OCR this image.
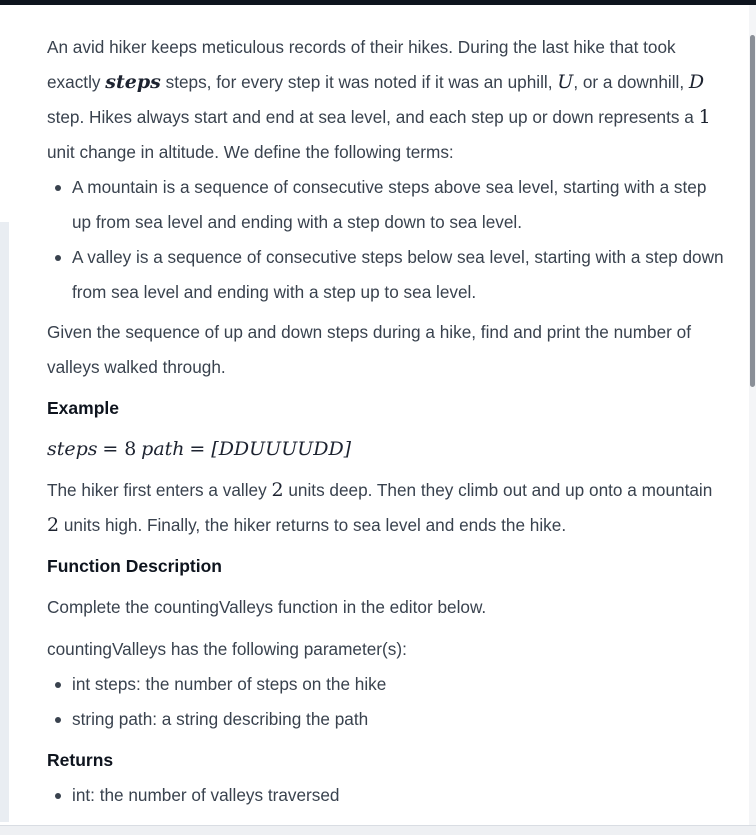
An avid hiker keeps meticulous records of their hikes. During the last hike that took exactly steps steps, for every step it was noted if it was an uphill, U, or a downhill, D step. Hikes always start and end at sea level, and each step up or down represents a 1 unit change in altitude. We define the following terms:

A mountain is a sequence of consecutive steps above sea level, starting with a step up from sea level and ending with a step down to sea level.
A valley is a sequence of consecutive steps below sea level, starting with a step down from sea level and ending with a step up to sea level.

Given the sequence of up and down steps during a hike, find and print the number of valleys walked through.

Example

steps = 8 path = [DDUUUUDD]

The hiker first enters a valley 2 units deep. Then they climb out and up onto a mountain 2 units high. Finally, the hiker returns to sea level and ends the hike.

Function Description

Complete the countingValleys function in the editor below.

countingValleys has the following parameter(s):

int steps: the number of steps on the hike
string path: a string describing the path
Returns
int: the number of valleys traversed
